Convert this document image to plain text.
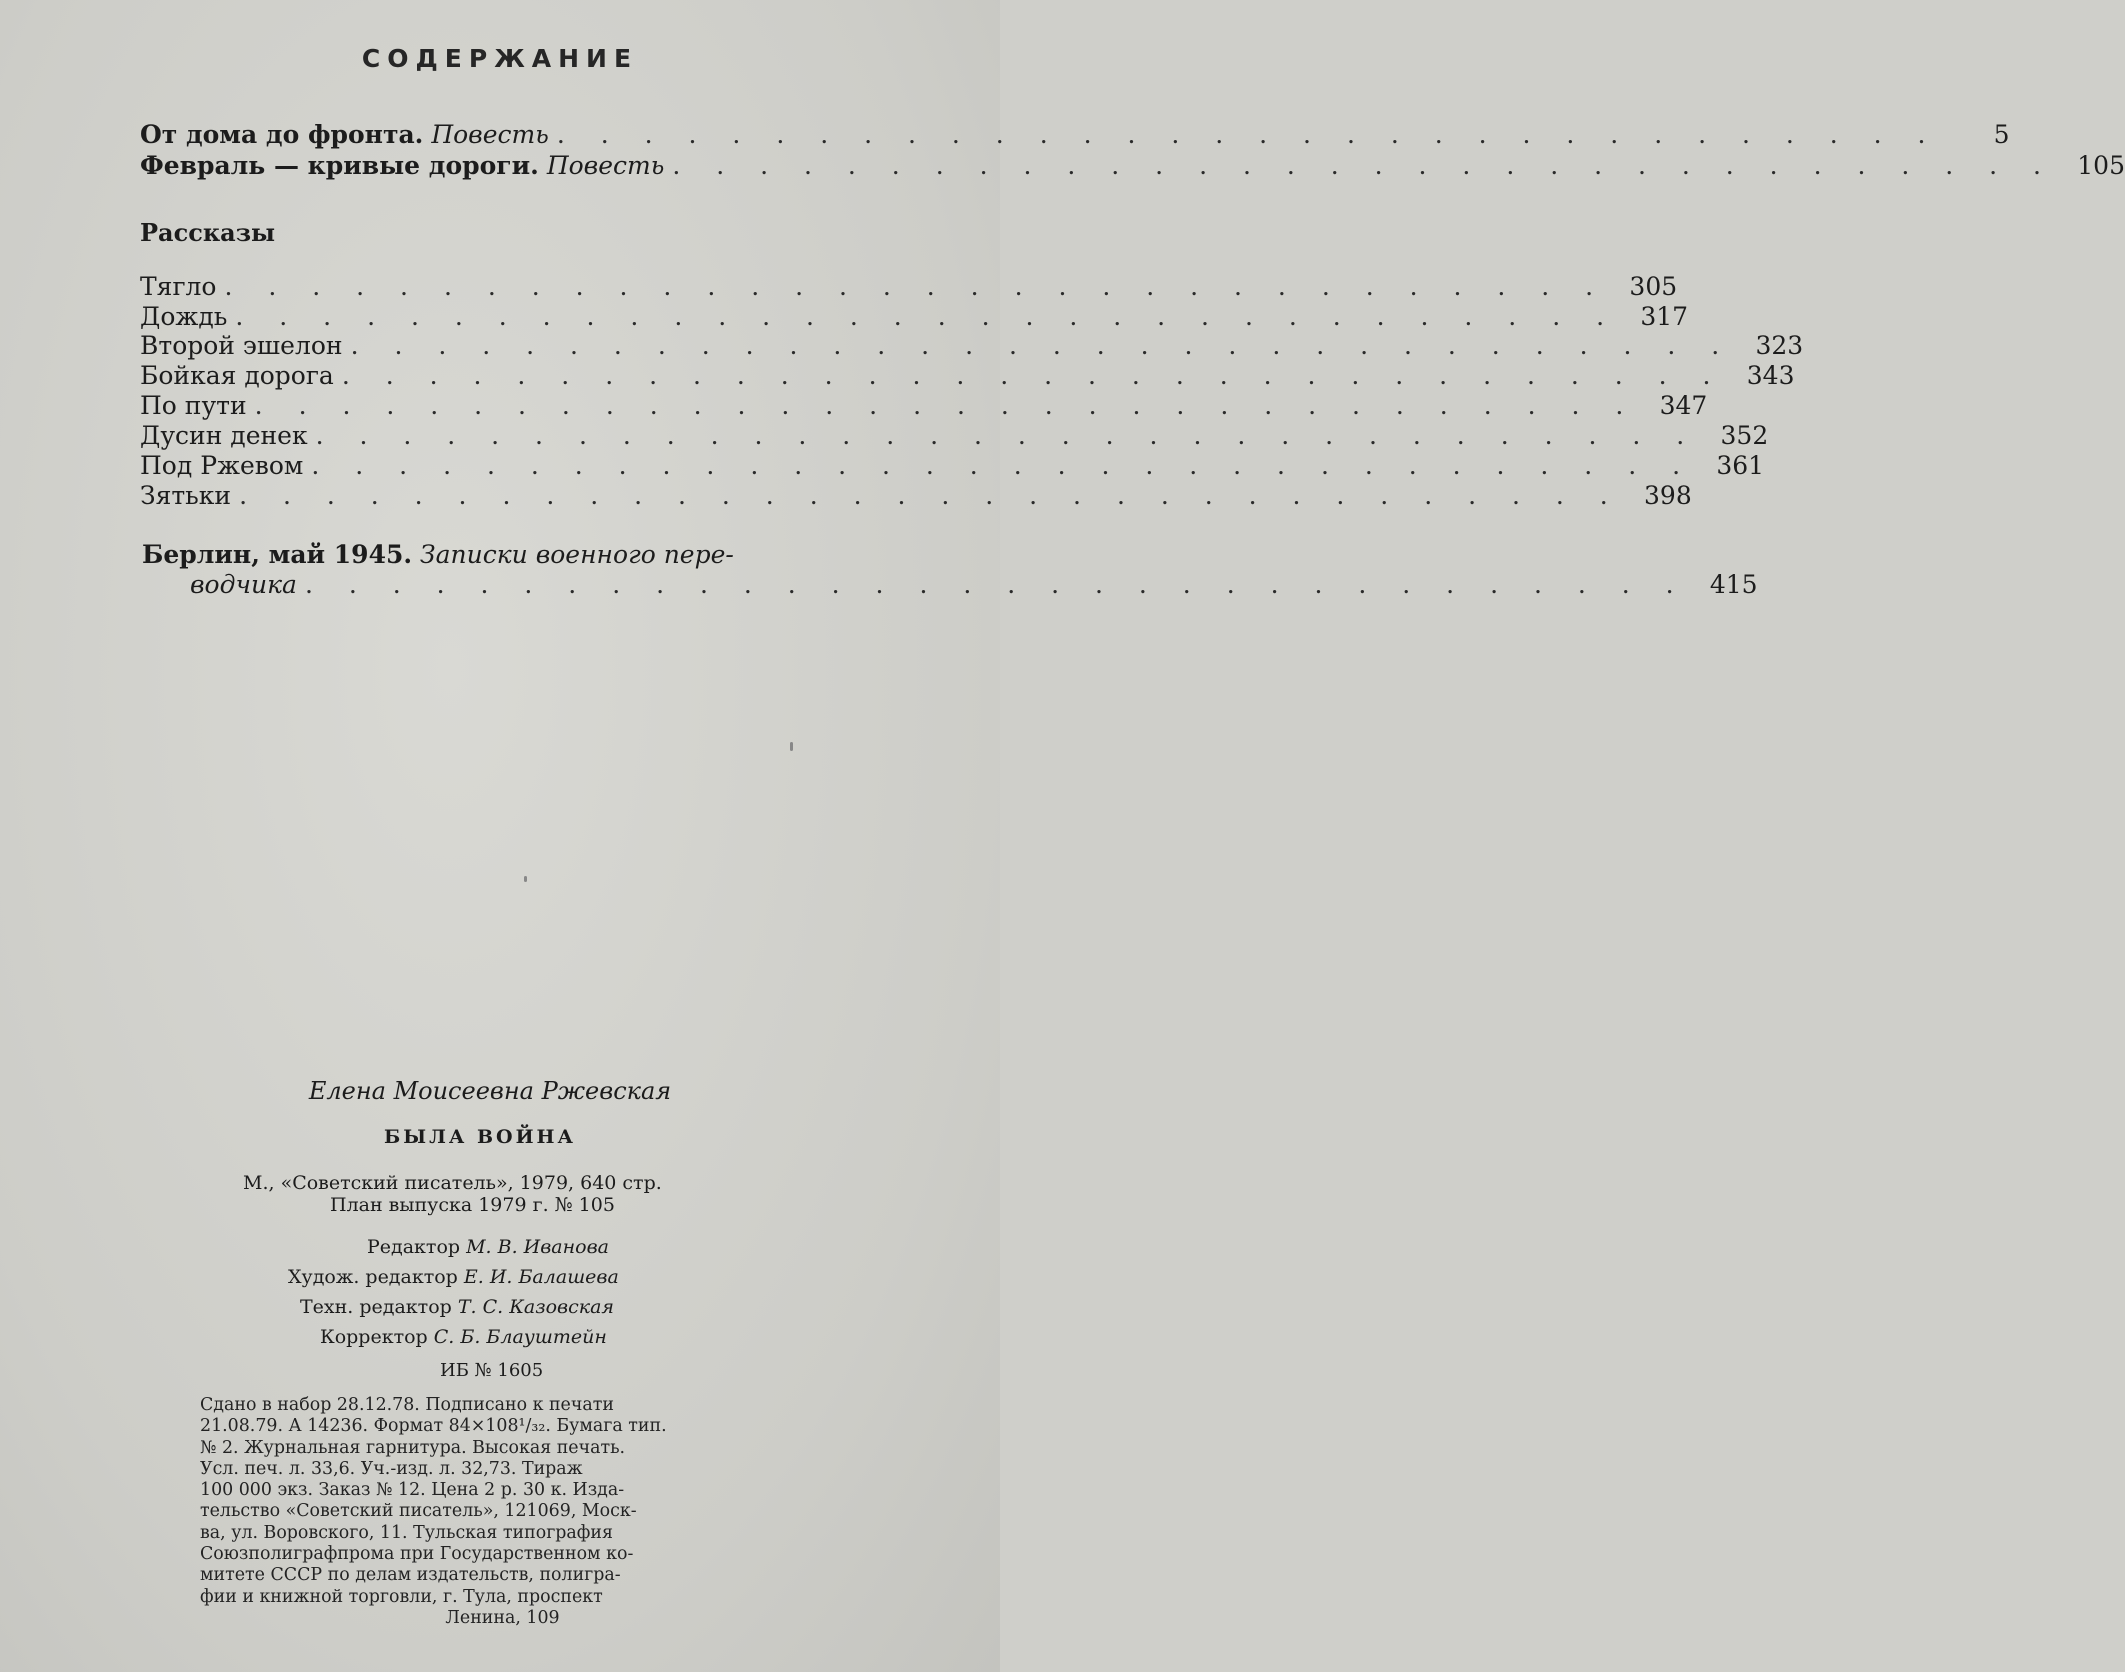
СОДЕРЖАНИЕ
От дома до фронта. Повесть . . . . . . . . . . . . . . . . . . . . . . . . . . . . . . . .	5
Февраль — кривые дороги. Повесть . . . . . . . . . . . . . . . . . . . . . . . . . . . . . . . . 105
Рассказы
Тягло . . . . . . . . . . . . . . . . . . . . . . . . . . . . . . . . 305
Дождь . . . . . . . . . . . . . . . . . . . . . . . . . . . . . . . . 317
Второй эшелон . . . . . . . . . . . . . . . . . . . . . . . . . . . . . . . . 323
Бойкая дорога . . . . . . . . . . . . . . . . . . . . . . . . . . . . . . . . 343
По пути . . . . . . . . . . . . . . . . . . . . . . . . . . . . . . . . 347
Дусин денек . . . . . . . . . . . . . . . . . . . . . . . . . . . . . . . . 352
Под Ржевом . . . . . . . . . . . . . . . . . . . . . . . . . . . . . . . . 361
Зятьки . . . . . . . . . . . . . . . . . . . . . . . . . . . . . . . . 398
Берлин, май 1945. Записки военного пере-
водчика . . . . . . . . . . . . . . . . . . . . . . . . . . . . . . . . 415
Елена Моисеевна Ржевская
БЫЛА ВОЙНА
М., «Советский писатель», 1979, 640 стр.
План выпуска 1979 г. № 105
Редактор М. В. Иванова
Худож. редактор Е. И. Балашева
Техн. редактор Т. С. Казовская
Корректор С. Б. Блауштейн
ИБ № 1605
Сдано в набор 28.12.78. Подписано к печати
21.08.79. А 14236. Формат 84×108¹/₃₂. Бумага тип.
№ 2. Журнальная гарнитура. Высокая печать.
Усл. печ. л. 33,6. Уч.-изд. л. 32,73. Тираж
100 000 экз. Заказ № 12. Цена 2 р. 30 к. Изда-
тельство «Советский писатель», 121069, Моск-
ва, ул. Воровского, 11. Тульская типография
Союзполиграфпрома при Государственном ко-
митете СССР по делам издательств, полигра-
фии и книжной торговли, г. Тула, проспект
Ленина, 109
